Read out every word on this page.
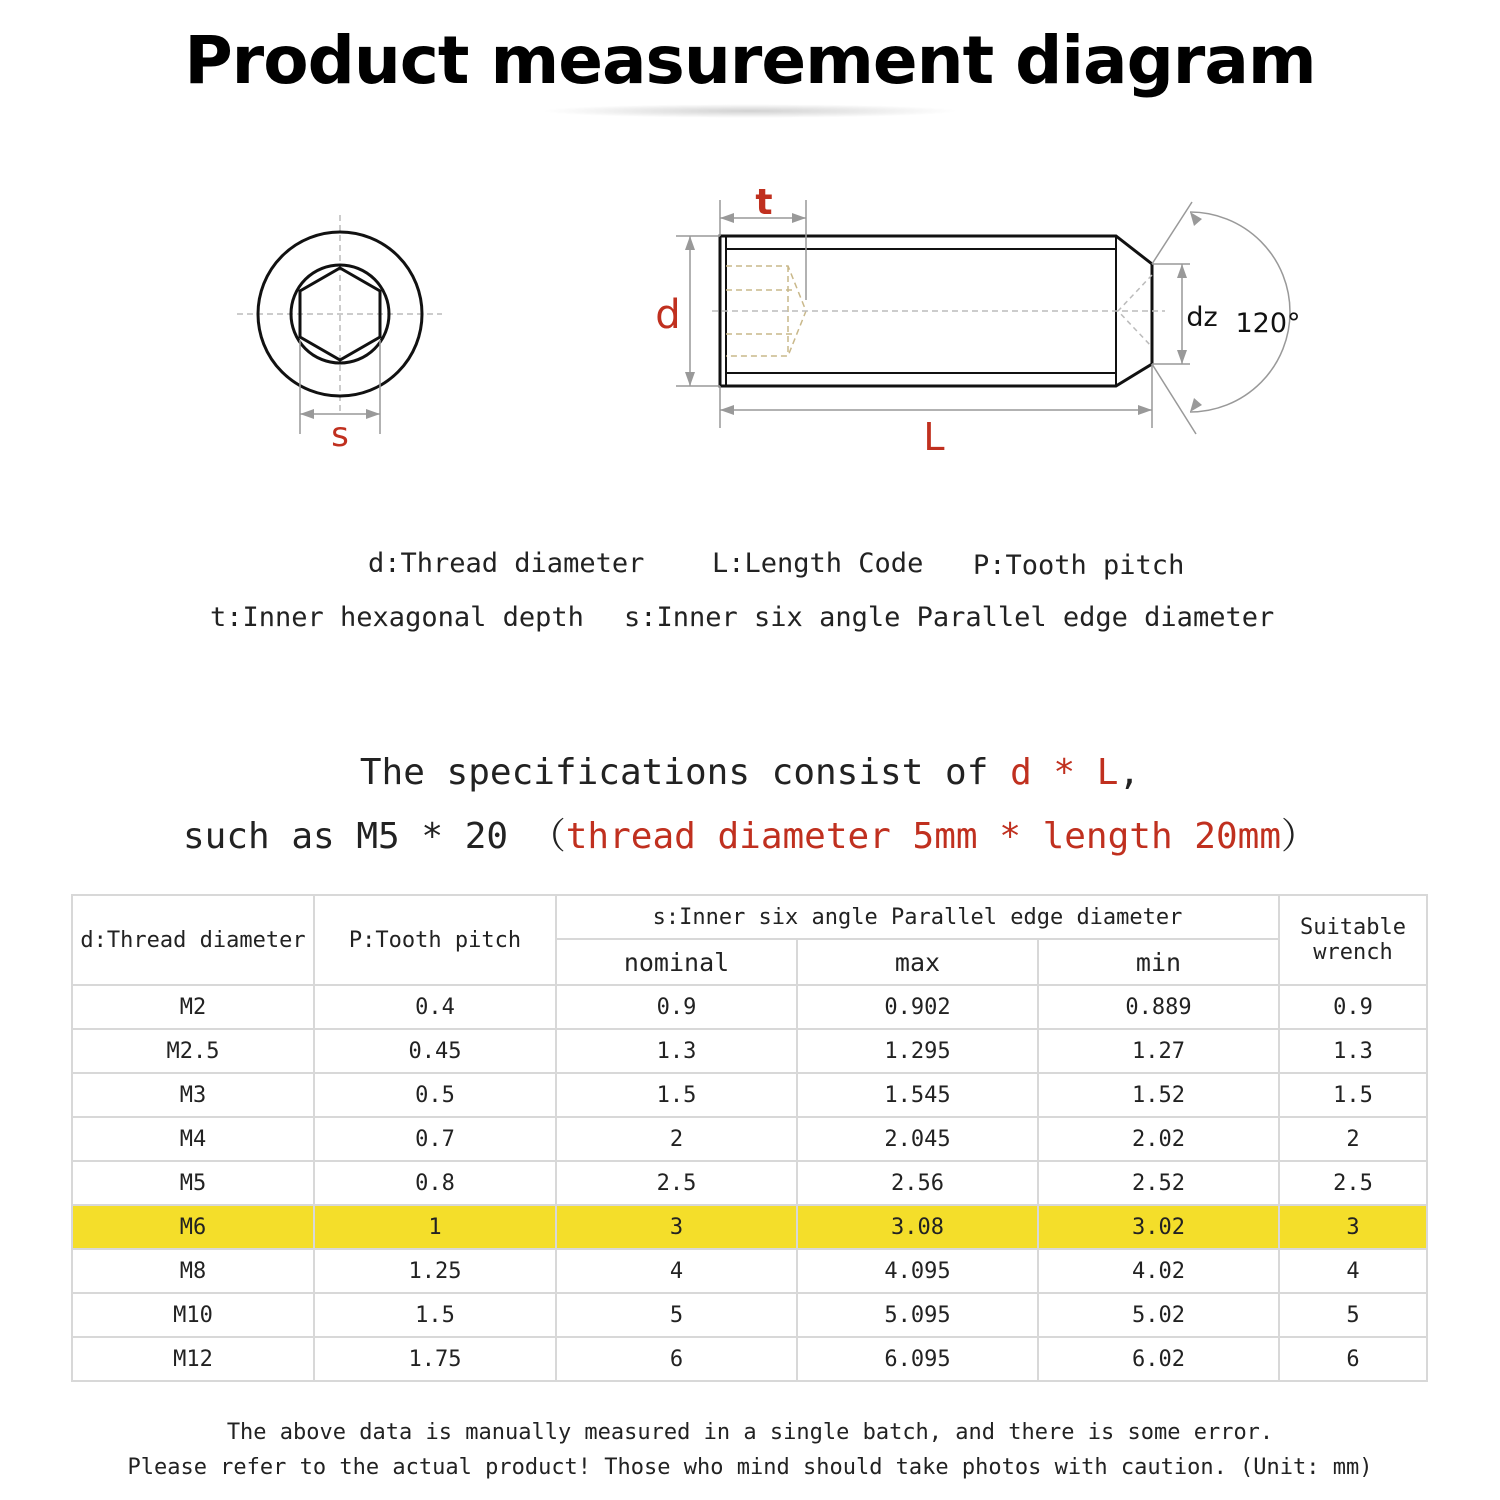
Product measurement diagram
s
t
d
L
dz 120°
d:Thread diameter	L:Length Code P:Tooth pitch
t:Inner hexagonal depth s:Inner six angle Parallel edge diameter
The specifications consist of d * L,
such as M5 * 20 （thread diameter 5mm * length 20mm）
d:Thread diameter	P:Tooth pitch	s:Inner six angle Parallel edge diameter			Suitable wrench
		nominal	max	min	
M2	0.4	0.9	0.902	0.889	0.9
M2.5	0.45	1.3	1.295	1.27	1.3
M3	0.5	1.5	1.545	1.52	1.5
M4	0.7	2	2.045	2.02	2
M5	0.8	2.5	2.56	2.52	2.5
M6	1	3	3.08	3.02	3
M8	1.25	4	4.095	4.02	4
M10	1.5	5	5.095	5.02	5
M12	1.75	6	6.095	6.02	6
The above data is manually measured in a single batch, and there is some error.
Please refer to the actual product! Those who mind should take photos with caution. (Unit: mm)
